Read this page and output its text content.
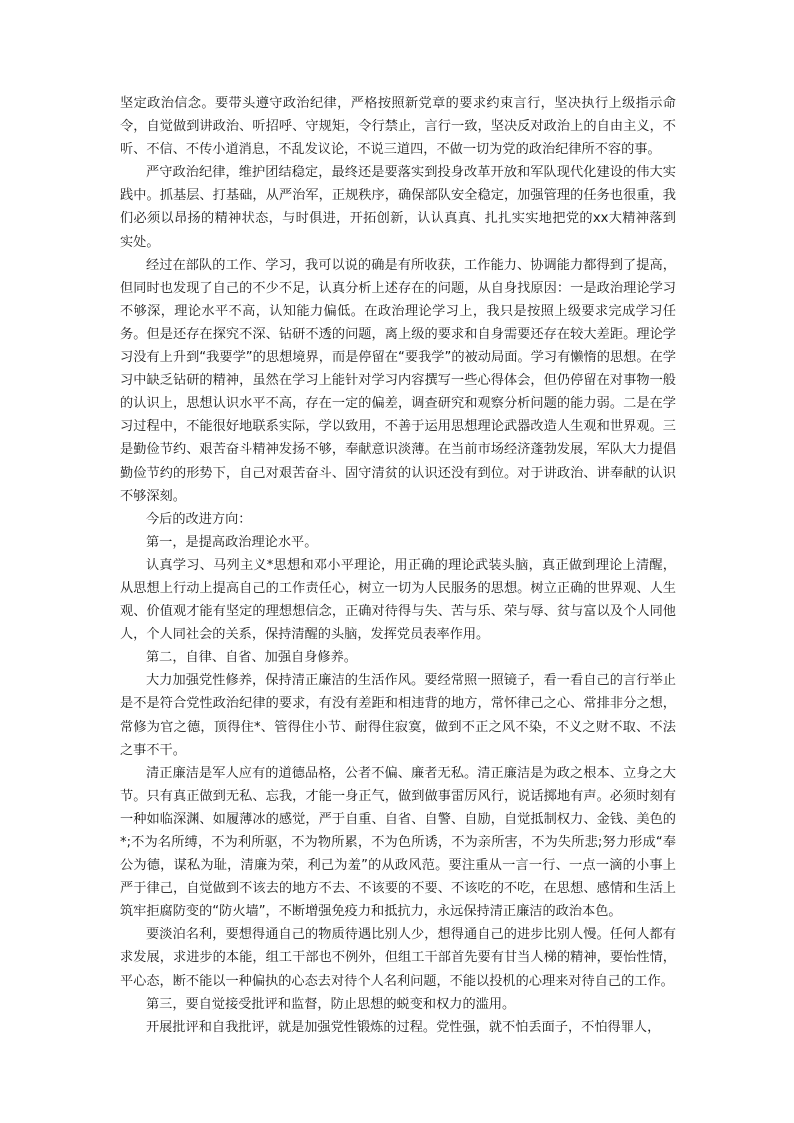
坚定政治信念。要带头遵守政治纪律，严格按照新党章的要求约束言行，坚决执行上级指示命令，自觉做到讲政治、听招呼、守规矩，令行禁止，言行一致，坚决反对政治上的自由主义，不听、不信、不传小道消息，不乱发议论，不说三道四，不做一切为党的政治纪律所不容的事。

严守政治纪律，维护团结稳定，最终还是要落实到投身改革开放和军队现代化建设的伟大实践中。抓基层、打基础，从严治军，正规秩序，确保部队安全稳定，加强管理的任务也很重，我们必须以昂扬的精神状态，与时俱进，开拓创新，认认真真、扎扎实实地把党的xx大精神落到实处。

经过在部队的工作、学习，我可以说的确是有所收获，工作能力、协调能力都得到了提高，但同时也发现了自己的不少不足，认真分析上述存在的问题，从自身找原因：一是政治理论学习不够深，理论水平不高，认知能力偏低。在政治理论学习上，我只是按照上级要求完成学习任务。但是还存在探究不深、钻研不透的问题，离上级的要求和自身需要还存在较大差距。理论学习没有上升到“我要学”的思想境界，而是停留在“要我学”的被动局面。学习有懒惰的思想。在学习中缺乏钻研的精神，虽然在学习上能针对学习内容撰写一些心得体会，但仍停留在对事物一般的认识上，思想认识水平不高，存在一定的偏差，调查研究和观察分析问题的能力弱。二是在学习过程中，不能很好地联系实际，学以致用，不善于运用思想理论武器改造人生观和世界观。三是勤俭节约、艰苦奋斗精神发扬不够，奉献意识淡薄。在当前市场经济蓬勃发展，军队大力提倡勤俭节约的形势下，自己对艰苦奋斗、固守清贫的认识还没有到位。对于讲政治、讲奉献的认识不够深刻。

今后的改进方向：

第一，是提高政治理论水平。

认真学习、马列主义*思想和邓小平理论，用正确的理论武装头脑，真正做到理论上清醒，从思想上行动上提高自己的工作责任心，树立一切为人民服务的思想。树立正确的世界观、人生观、价值观才能有坚定的理想想信念，正确对待得与失、苦与乐、荣与辱、贫与富以及个人同他人，个人同社会的关系，保持清醒的头脑，发挥党员表率作用。

第二，自律、自省、加强自身修养。

大力加强党性修养，保持清正廉洁的生活作风。要经常照一照镜子，看一看自己的言行举止是不是符合党性政治纪律的要求，有没有差距和相违背的地方，常怀律己之心、常排非分之想，常修为官之德，顶得住*、管得住小节、耐得住寂寞，做到不正之风不染，不义之财不取、不法之事不干。

清正廉洁是军人应有的道德品格，公者不偏、廉者无私。清正廉洁是为政之根本、立身之大节。只有真正做到无私、忘我，才能一身正气，做到做事雷厉风行，说话掷地有声。必须时刻有一种如临深渊、如履薄冰的感觉，严于自重、自省、自警、自励，自觉抵制权力、金钱、美色的*;不为名所缚，不为利所驱，不为物所累，不为色所诱，不为亲所害，不为失所悲;努力形成“奉公为德，谋私为耻，清廉为荣，利己为羞”的从政风范。要注重从一言一行、一点一滴的小事上严于律己，自觉做到不该去的地方不去、不该要的不要、不该吃的不吃，在思想、感情和生活上筑牢拒腐防变的“防火墙”，不断增强免疫力和抵抗力，永远保持清正廉洁的政治本色。

要淡泊名利，要想得通自己的物质待遇比别人少，想得通自己的进步比别人慢。任何人都有求发展，求进步的本能，组工干部也不例外，但组工干部首先要有甘当人梯的精神，要怡性情，平心态，断不能以一种偏执的心态去对待个人名利问题，不能以投机的心理来对待自己的工作。

第三，要自觉接受批评和监督，防止思想的蜕变和权力的滥用。

开展批评和自我批评，就是加强党性锻炼的过程。党性强，就不怕丢面子，不怕得罪人，
